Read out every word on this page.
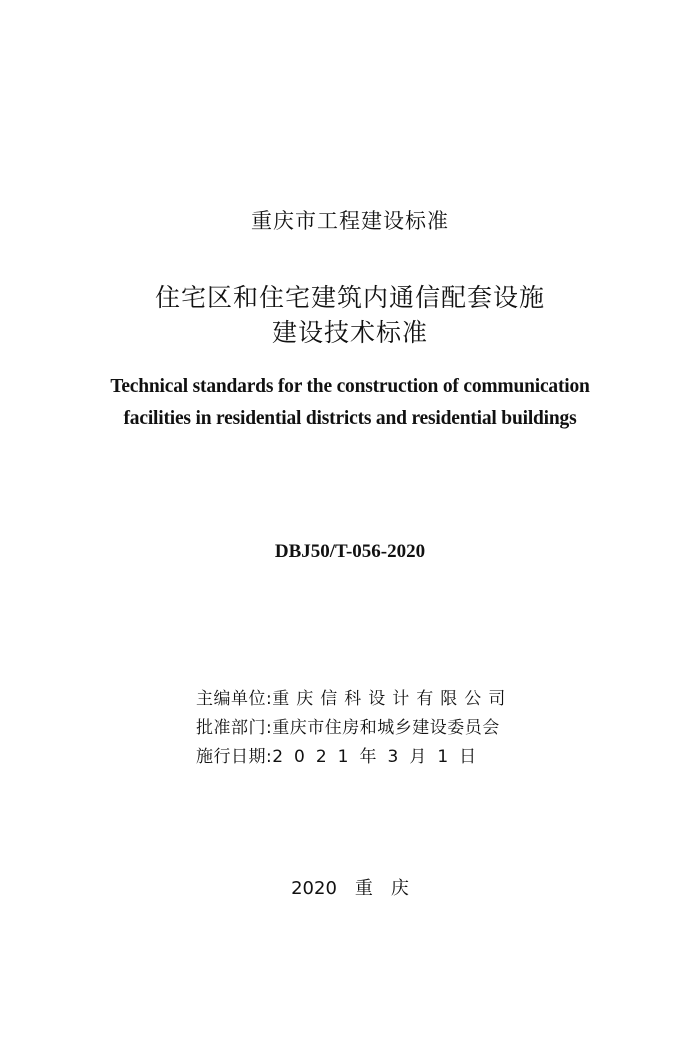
重庆市工程建设标准
住宅区和住宅建筑内通信配套设施
建设技术标准
Technical standards for the construction of communication
facilities in residential districts and residential buildings
DBJ50/T-056-2020
主编单位:重庆信科设计有限公司
批准部门:重庆市住房和城乡建设委员会
施行日期:2021年3月1日
2020 重庆
